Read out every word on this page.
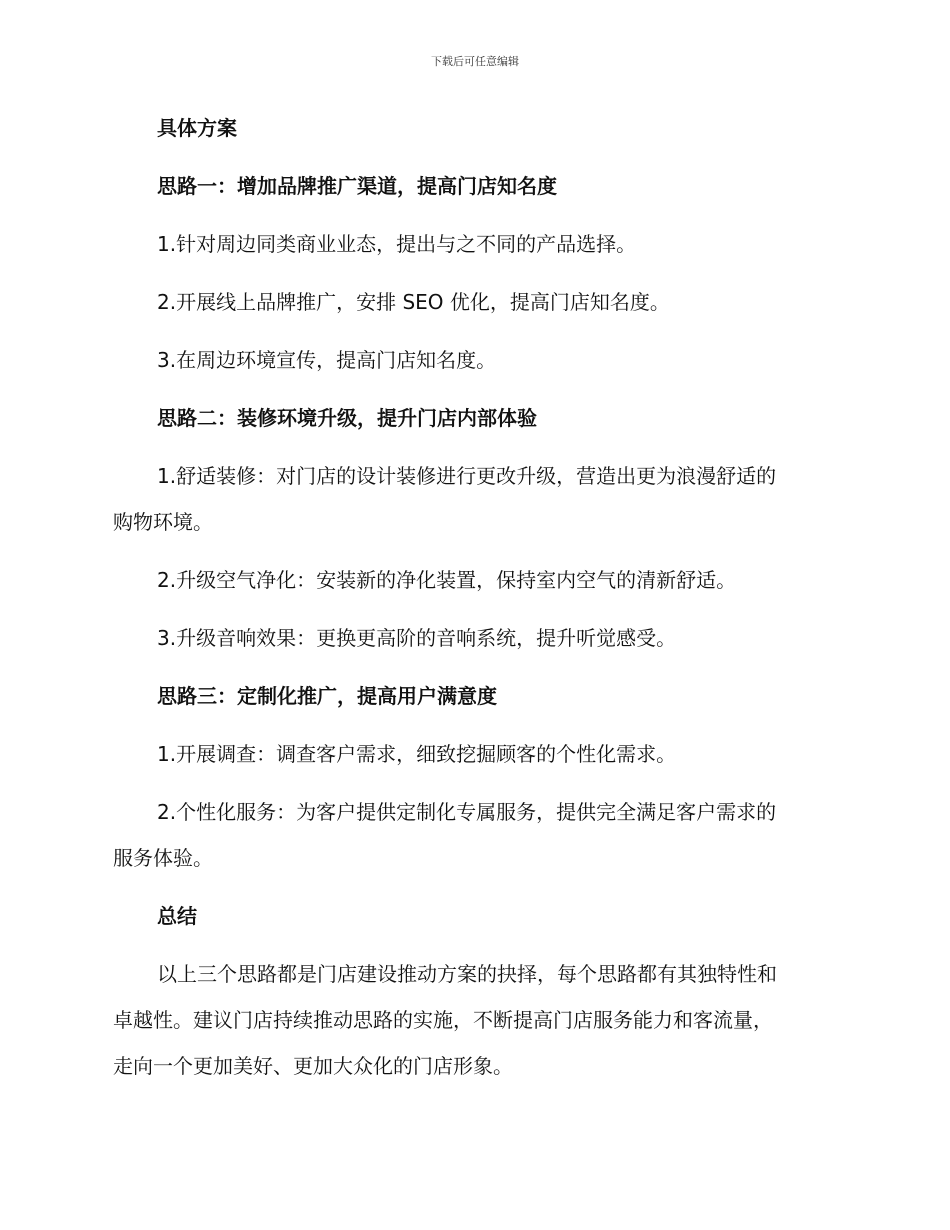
下载后可任意编辑

具体方案

思路一：增加品牌推广渠道，提高门店知名度

1.针对周边同类商业业态，提出与之不同的产品选择。

2.开展线上品牌推广，安排 SEO 优化，提高门店知名度。

3.在周边环境宣传，提高门店知名度。

思路二：装修环境升级，提升门店内部体验

1.舒适装修：对门店的设计装修进行更改升级，营造出更为浪漫舒适的

购物环境。

2.升级空气净化：安装新的净化装置，保持室内空气的清新舒适。

3.升级音响效果：更换更高阶的音响系统，提升听觉感受。

思路三：定制化推广，提高用户满意度

1.开展调查：调查客户需求，细致挖掘顾客的个性化需求。

2.个性化服务：为客户提供定制化专属服务，提供完全满足客户需求的

服务体验。

总结

以上三个思路都是门店建设推动方案的抉择，每个思路都有其独特性和

卓越性。建议门店持续推动思路的实施，不断提高门店服务能力和客流量，

走向一个更加美好、更加大众化的门店形象。
